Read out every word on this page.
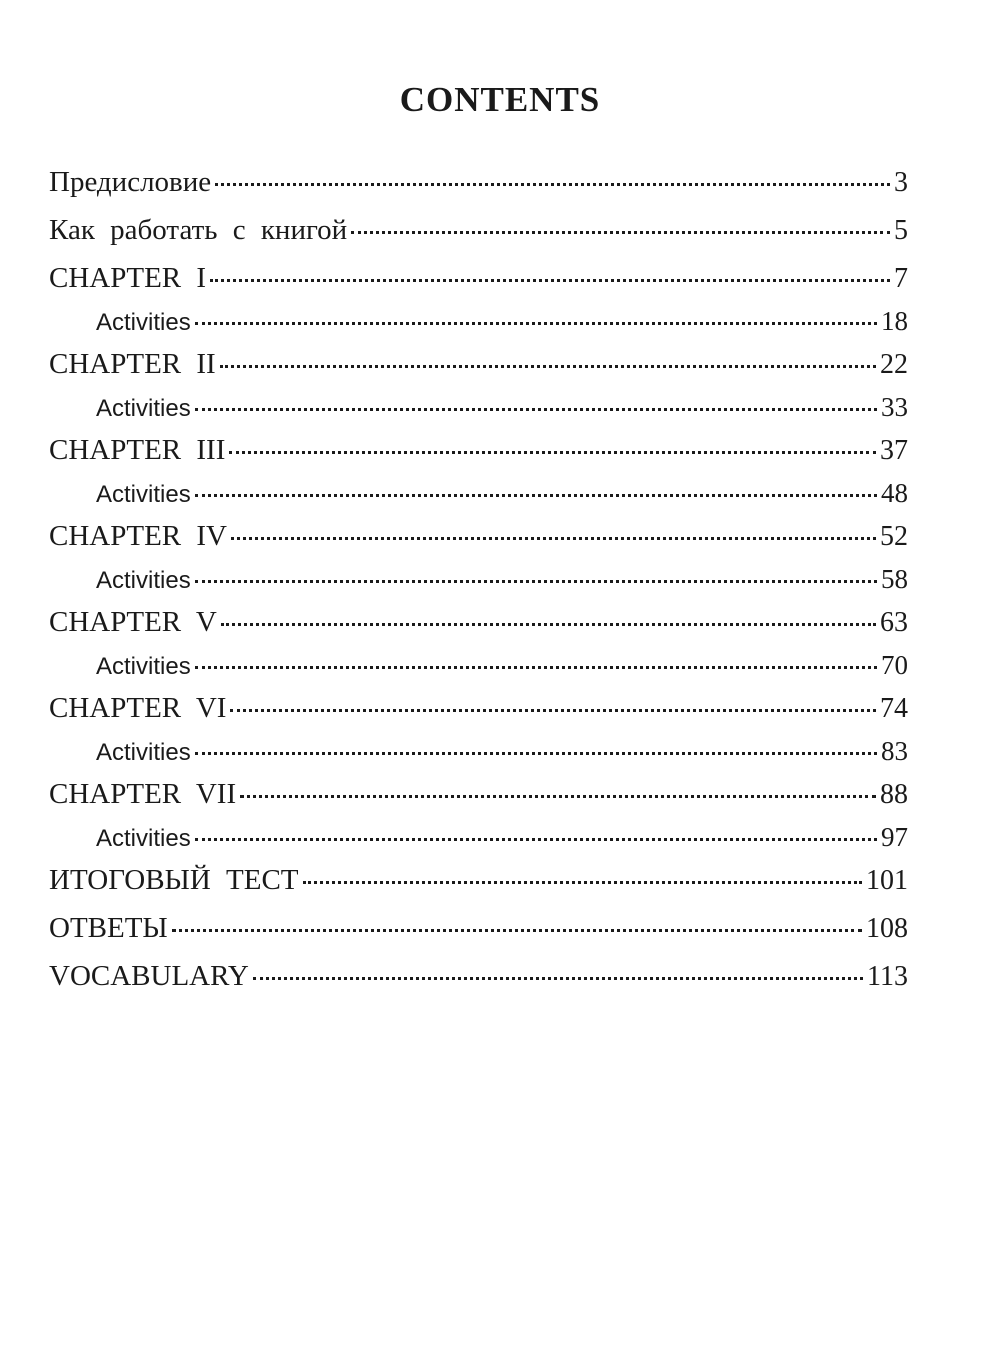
CONTENTS
Предисловие	3
Как работать с книгой	5
CHAPTER I	7
Activities	18
CHAPTER II	22
Activities	33
CHAPTER III	37
Activities	48
CHAPTER IV	52
Activities	58
CHAPTER V	63
Activities	70
CHAPTER VI	74
Activities	83
CHAPTER VII	88
Activities	97
ИТОГОВЫЙ ТЕСТ	101
ОТВЕТЫ	108
VOCABULARY	113
